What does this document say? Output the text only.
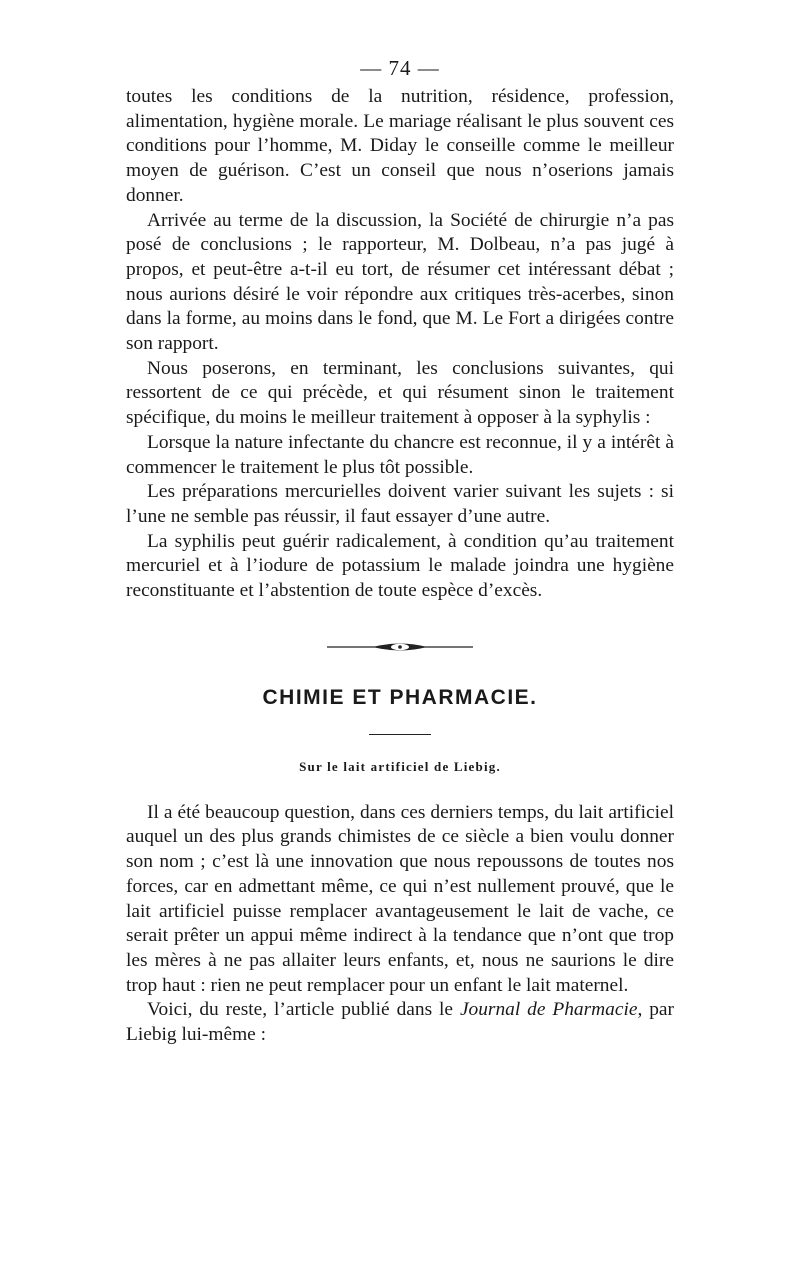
— 74 —

toutes les conditions de la nutrition, résidence, profession, alimentation, hygiène morale. Le mariage réalisant le plus souvent ces conditions pour l’homme, M. Diday le conseille comme le meilleur moyen de guérison. C’est un conseil que nous n’oserions jamais donner.

Arrivée au terme de la discussion, la Société de chirurgie n’a pas posé de conclusions ; le rapporteur, M. Dolbeau, n’a pas jugé à propos, et peut-être a-t-il eu tort, de résumer cet intéressant débat ; nous aurions désiré le voir répondre aux critiques très-acerbes, sinon dans la forme, au moins dans le fond, que M. Le Fort a dirigées contre son rapport.

Nous poserons, en terminant, les conclusions suivantes, qui ressortent de ce qui précède, et qui résument sinon le traitement spécifique, du moins le meilleur traitement à opposer à la syphylis :

Lorsque la nature infectante du chancre est reconnue, il y a intérêt à commencer le traitement le plus tôt possible.

Les préparations mercurielles doivent varier suivant les sujets : si l’une ne semble pas réussir, il faut essayer d’une autre.

La syphilis peut guérir radicalement, à condition qu’au traitement mercuriel et à l’iodure de potassium le malade joindra une hygiène reconstituante et l’abstention de toute espèce d’excès.

CHIMIE ET PHARMACIE.
Sur le lait artificiel de Liebig.

Il a été beaucoup question, dans ces derniers temps, du lait artificiel auquel un des plus grands chimistes de ce siècle a bien voulu donner son nom ; c’est là une innovation que nous repoussons de toutes nos forces, car en admettant même, ce qui n’est nullement prouvé, que le lait artificiel puisse remplacer avantageusement le lait de vache, ce serait prêter un appui même indirect à la tendance que n’ont que trop les mères à ne pas allaiter leurs enfants, et, nous ne saurions le dire trop haut : rien ne peut remplacer pour un enfant le lait maternel.

Voici, du reste, l’article publié dans le Journal de Pharmacie, par Liebig lui-même :
